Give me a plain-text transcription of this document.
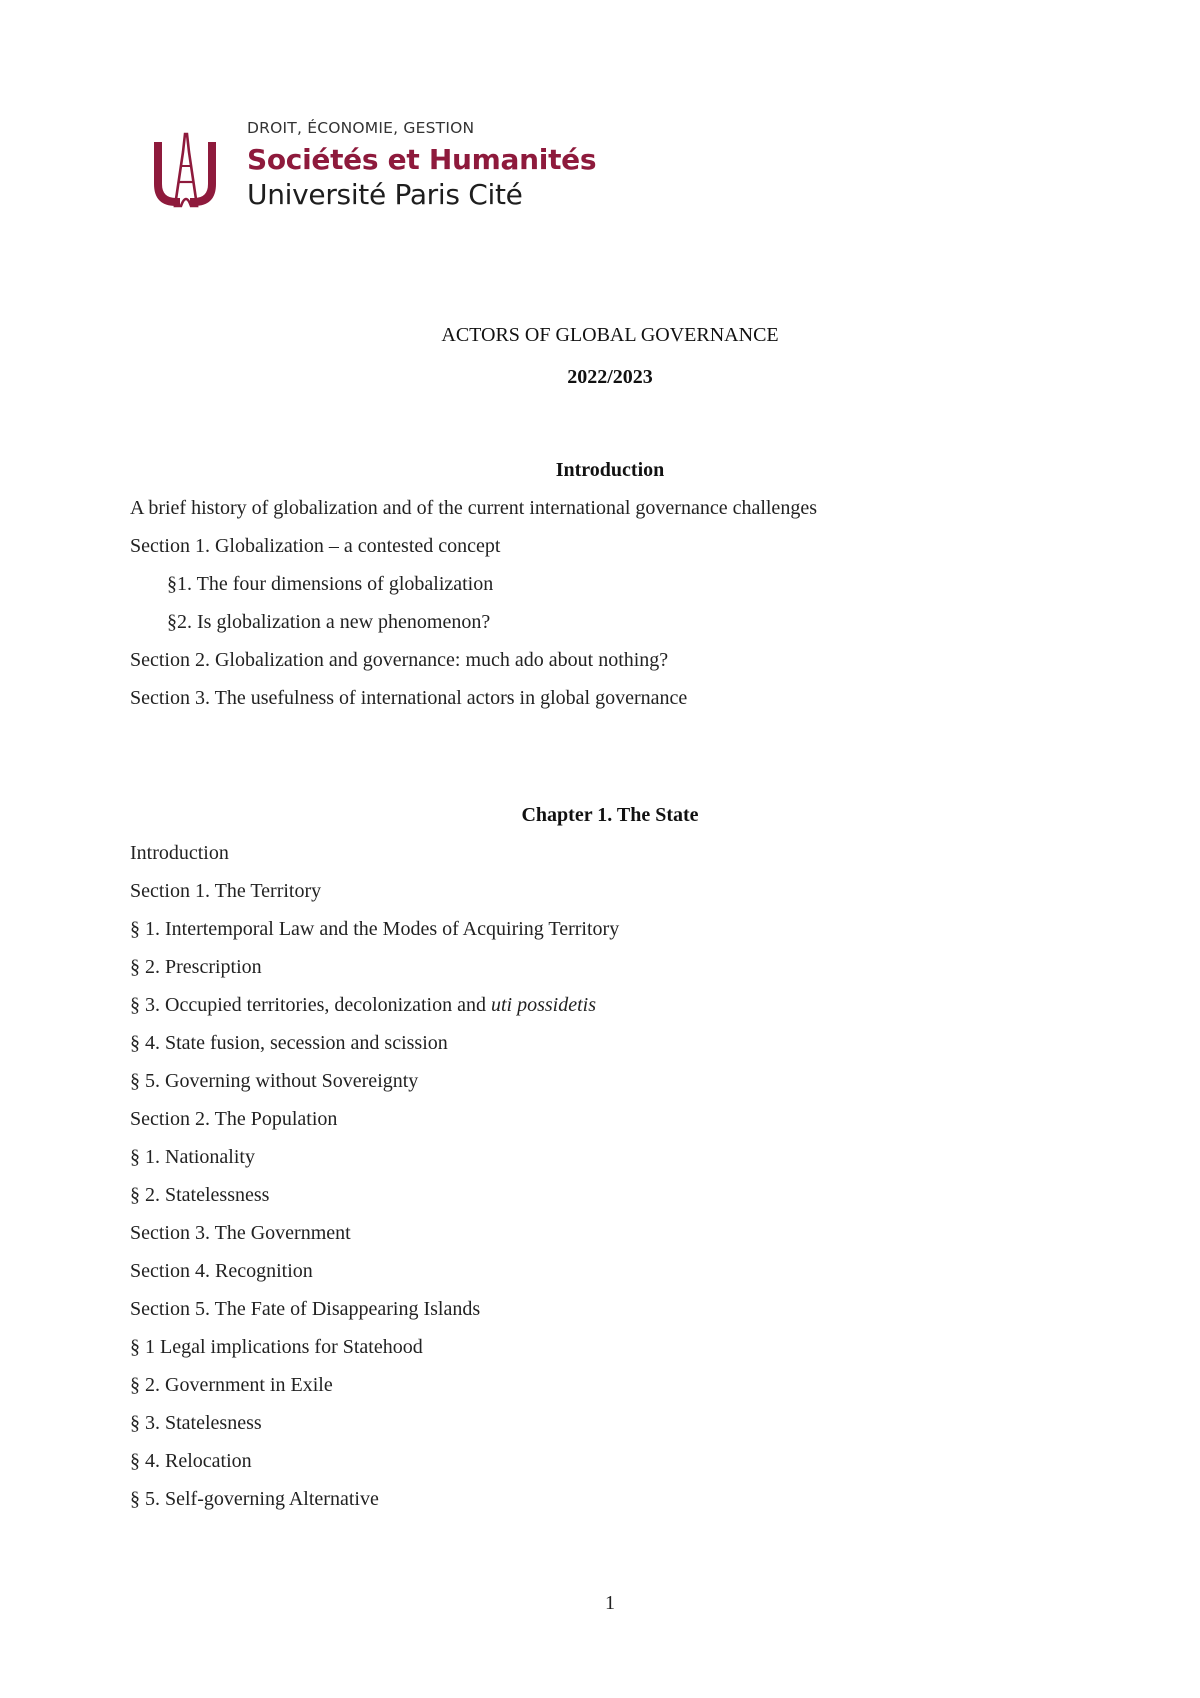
DROIT, ÉCONOMIE, GESTION
Sociétés et Humanités
Université Paris Cité
ACTORS OF GLOBAL GOVERNANCE
2022/2023
Introduction
A brief history of globalization and of the current international governance challenges
Section 1. Globalization – a contested concept
§1. The four dimensions of globalization
§2. Is globalization a new phenomenon?
Section 2. Globalization and governance: much ado about nothing?
Section 3. The usefulness of international actors in global governance
Chapter 1. The State
Introduction
Section 1. The Territory
§ 1. Intertemporal Law and the Modes of Acquiring Territory
§ 2. Prescription
§ 3. Occupied territories, decolonization and uti possidetis
§ 4. State fusion, secession and scission
§ 5. Governing without Sovereignty
Section 2. The Population
§ 1. Nationality
§ 2. Statelessness
Section 3. The Government
Section 4. Recognition
Section 5. The Fate of Disappearing Islands
§ 1 Legal implications for Statehood
§ 2. Government in Exile
§ 3. Statelesness
§ 4. Relocation
§ 5. Self-governing Alternative
1
